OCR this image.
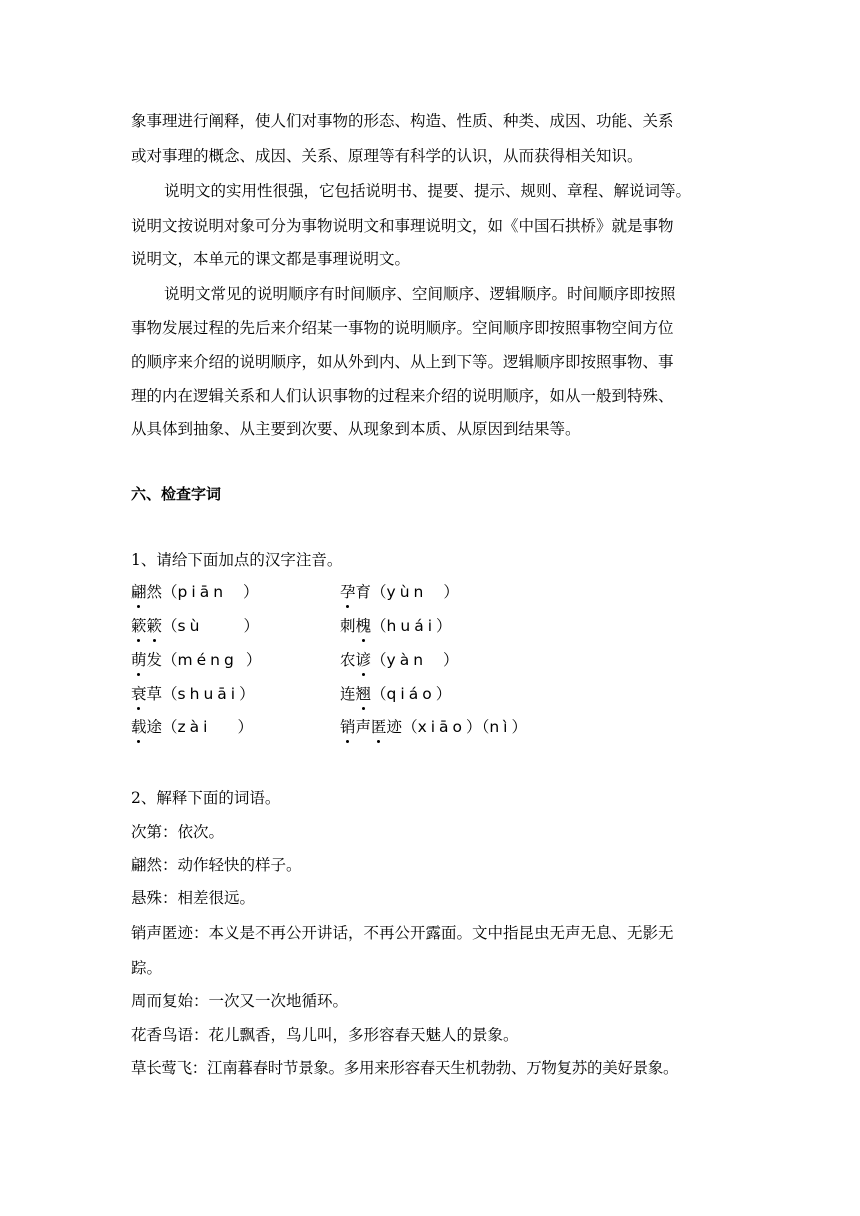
象事理进行阐释，使人们对事物的形态、构造、性质、种类、成因、功能、关系
或对事理的概念、成因、关系、原理等有科学的认识，从而获得相关知识。
说明文的实用性很强，它包括说明书、提要、提示、规则、章程、解说词等。
说明文按说明对象可分为事物说明文和事理说明文，如《中国石拱桥》就是事物
说明文，本单元的课文都是事理说明文。
说明文常见的说明顺序有时间顺序、空间顺序、逻辑顺序。时间顺序即按照
事物发展过程的先后来介绍某一事物的说明顺序。空间顺序即按照事物空间方位
的顺序来介绍的说明顺序，如从外到内、从上到下等。逻辑顺序即按照事物、事
理的内在逻辑关系和人们认识事物的过程来介绍的说明顺序，如从一般到特殊、
从具体到抽象、从主要到次要、从现象到本质、从原因到结果等。
六、检查字词
1、请给下面加点的汉字注音。
翩然（piān ）	孕育（yùn ）
簌簌（sù	）	刺槐（huái）
萌发（méng ）	农谚（yàn ）
衰草（shuāi）	连翘（qiáo）
载途（zài ）	销声匿迹（xiāo）（nì）
2、解释下面的词语。
次第：依次。
翩然：动作轻快的样子。
悬殊：相差很远。
销声匿迹：本义是不再公开讲话，不再公开露面。文中指昆虫无声无息、无影无
踪。
周而复始：一次又一次地循环。
花香鸟语：花儿飘香，鸟儿叫，多形容春天魅人的景象。
草长莺飞：江南暮春时节景象。多用来形容春天生机勃勃、万物复苏的美好景象。
